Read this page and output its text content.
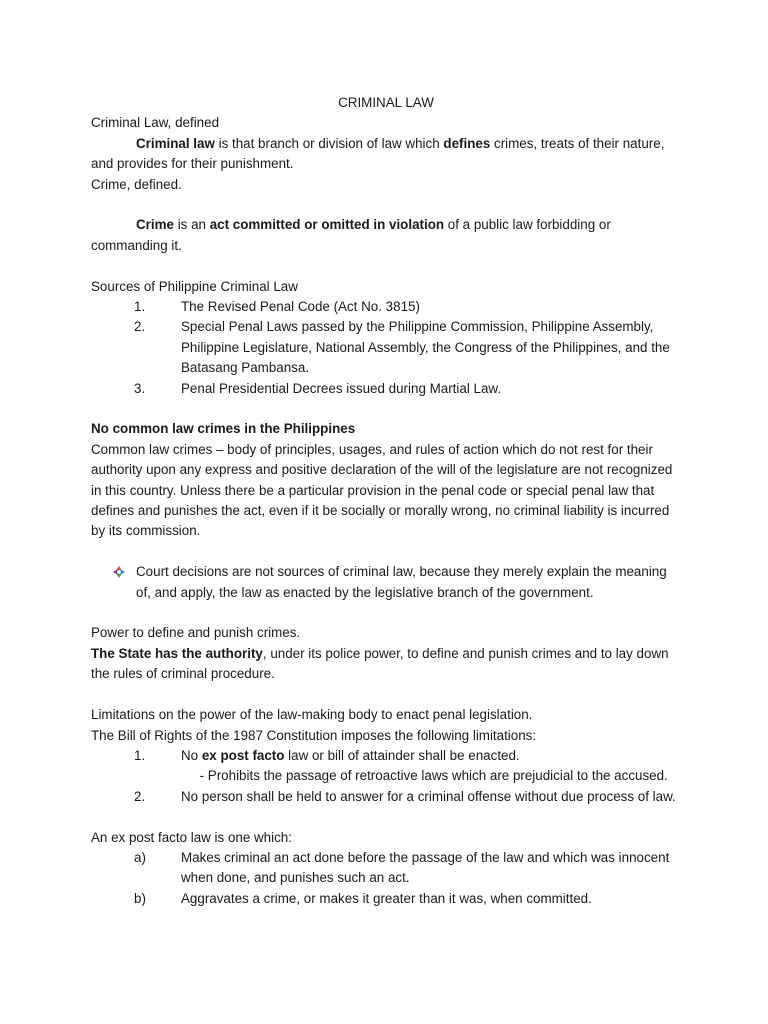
CRIMINAL LAW

Criminal Law, defined

Criminal law is that branch or division of law which defines crimes, treats of their nature, and provides for their punishment.

Crime, defined.

Crime is an act committed or omitted in violation of a public law forbidding or commanding it.

Sources of Philippine Criminal Law

1.	The Revised Penal Code (Act No. 3815)
2.	Special Penal Laws passed by the Philippine Commission, Philippine Assembly, Philippine Legislature, National Assembly, the Congress of the Philippines, and the Batasang Pambansa.
3.	Penal Presidential Decrees issued during Martial Law.

No common law crimes in the Philippines

Common law crimes – body of principles, usages, and rules of action which do not rest for their authority upon any express and positive declaration of the will of the legislature are not recognized in this country. Unless there be a particular provision in the penal code or special penal law that defines and punishes the act, even if it be socially or morally wrong, no criminal liability is incurred by its commission.

Court decisions are not sources of criminal law, because they merely explain the meaning of, and apply, the law as enacted by the legislative branch of the government.

Power to define and punish crimes.

The State has the authority, under its police power, to define and punish crimes and to lay down the rules of criminal procedure.

Limitations on the power of the law-making body to enact penal legislation.

The Bill of Rights of the 1987 Constitution imposes the following limitations:

1.	No ex post facto law or bill of attainder shall be enacted.

- Prohibits the passage of retroactive laws which are prejudicial to the accused.

2.	No person shall be held to answer for a criminal offense without due process of law.

An ex post facto law is one which:

a)	Makes criminal an act done before the passage of the law and which was innocent when done, and punishes such an act.
b)	Aggravates a crime, or makes it greater than it was, when committed.
